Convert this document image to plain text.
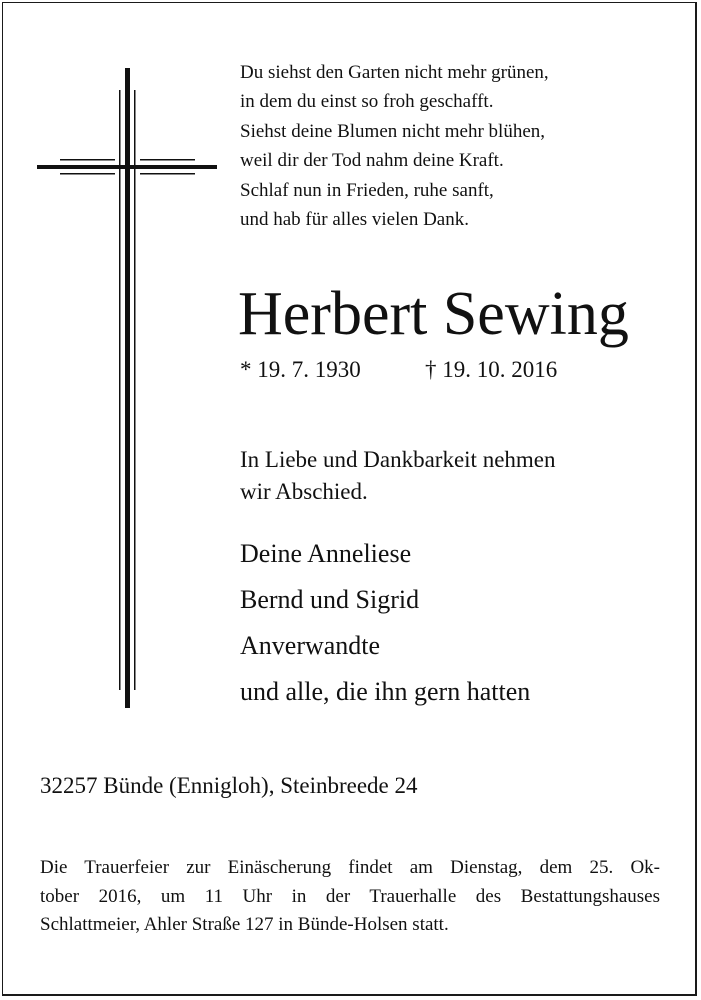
Du siehst den Garten nicht mehr grünen,
in dem du einst so froh geschafft.
Siehst deine Blumen nicht mehr blühen,
weil dir der Tod nahm deine Kraft.
Schlaf nun in Frieden, ruhe sanft,
und hab für alles vielen Dank.
Herbert Sewing
* 19. 7. 1930	† 19. 10. 2016
In Liebe und Dankbarkeit nehmen
wir Abschied.
Deine Anneliese
Bernd und Sigrid
Anverwandte
und alle, die ihn gern hatten
32257 Bünde (Ennigloh), Steinbreede 24
Die Trauerfeier zur Einäscherung findet am Dienstag, dem 25. Ok-
tober 2016, um 11 Uhr in der Trauerhalle des Bestattungshauses
Schlattmeier, Ahler Straße 127 in Bünde-Holsen statt.
